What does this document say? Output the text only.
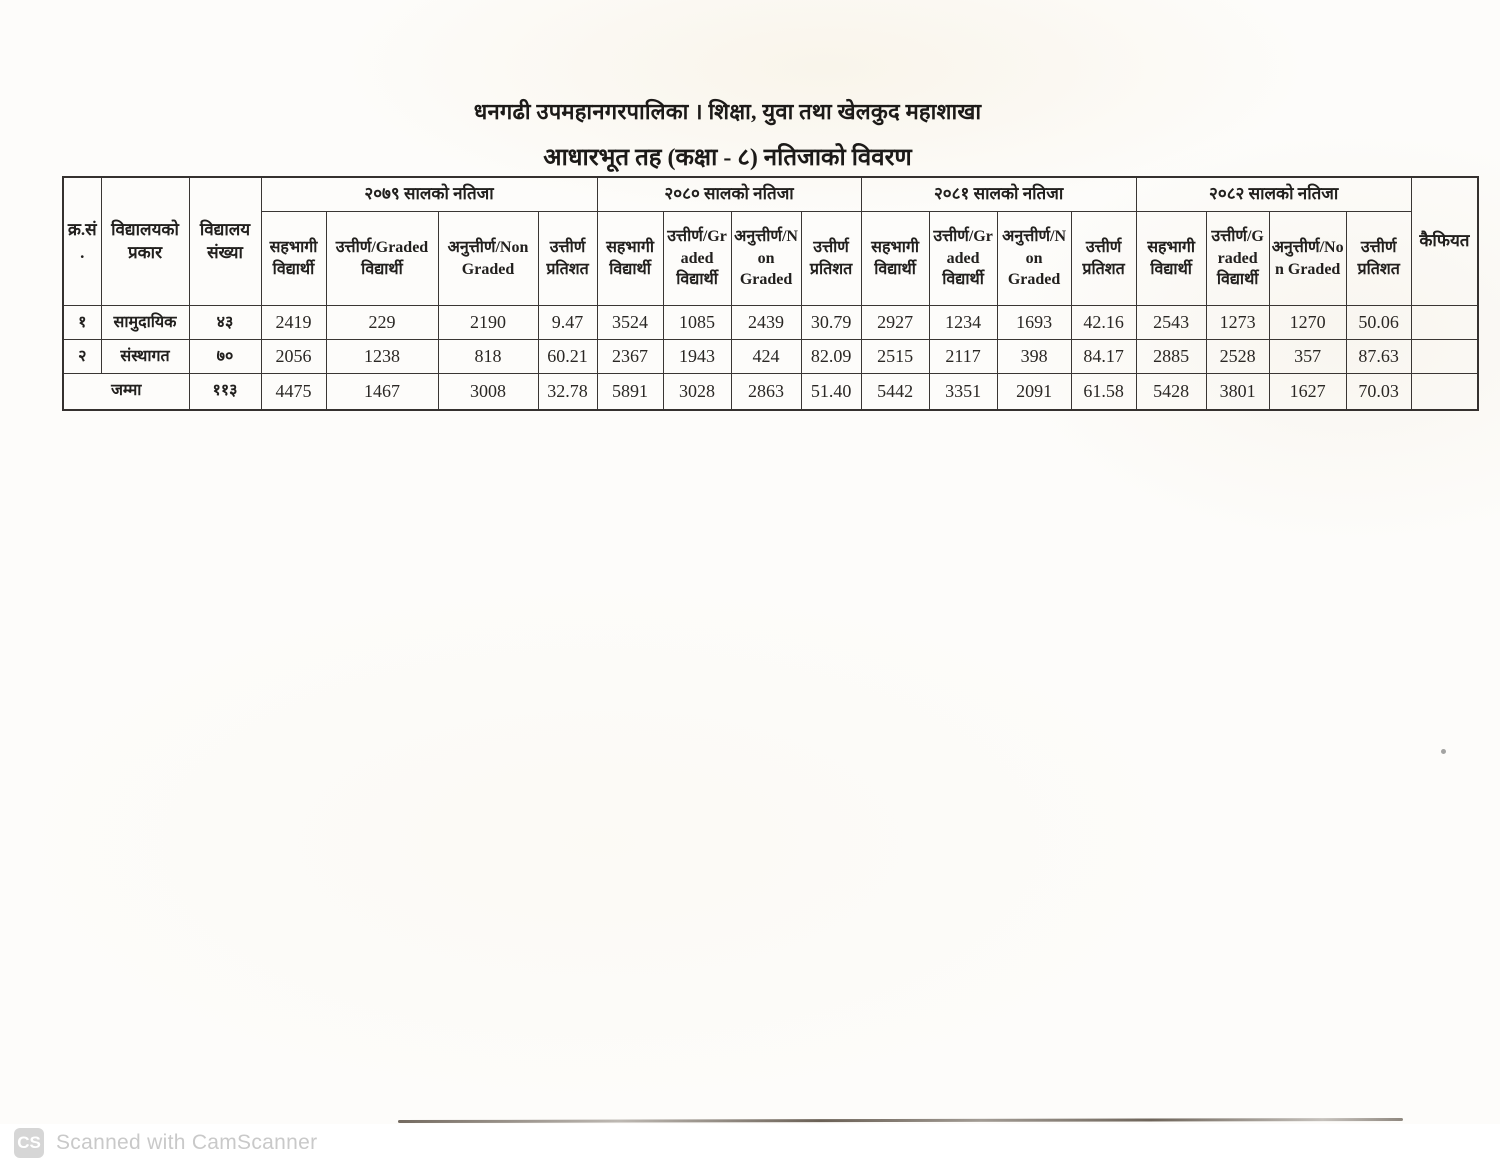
धनगढी उपमहानगरपालिका । शिक्षा, युवा तथा खेलकुद महाशाखा
आधारभूत तह (कक्षा - ८) नतिजाको विवरण
क्र.सं.	विद्यालयको प्रकार	विद्यालय संख्या	२०७९ सालको नतिजा				२०८० सालको नतिजा				२०८१ सालको नतिजा				२०८२ सालको नतिजा				कैफियत
			सहभागी विद्यार्थी	उत्तीर्ण/Graded विद्यार्थी	अनुत्तीर्ण/Non Graded	उत्तीर्ण प्रतिशत	सहभागी विद्यार्थी	उत्तीर्ण/Graded विद्यार्थी	अनुत्तीर्ण/Non Graded	उत्तीर्ण प्रतिशत	सहभागी विद्यार्थी	उत्तीर्ण/Graded विद्यार्थी	अनुत्तीर्ण/Non Graded	उत्तीर्ण प्रतिशत	सहभागी विद्यार्थी	उत्तीर्ण/Graded विद्यार्थी	अनुत्तीर्ण/Non Graded	उत्तीर्ण प्रतिशत	
१	सामुदायिक	४३	2419	229	2190	9.47	3524	1085	2439	30.79	2927	1234	1693	42.16	2543	1273	1270	50.06	
२	संस्थागत	७०	2056	1238	818	60.21	2367	1943	424	82.09	2515	2117	398	84.17	2885	2528	357	87.63	
जम्मा		११३	4475	1467	3008	32.78	5891	3028	2863	51.40	5442	3351	2091	61.58	5428	3801	1627	70.03	
CS Scanned with CamScanner
